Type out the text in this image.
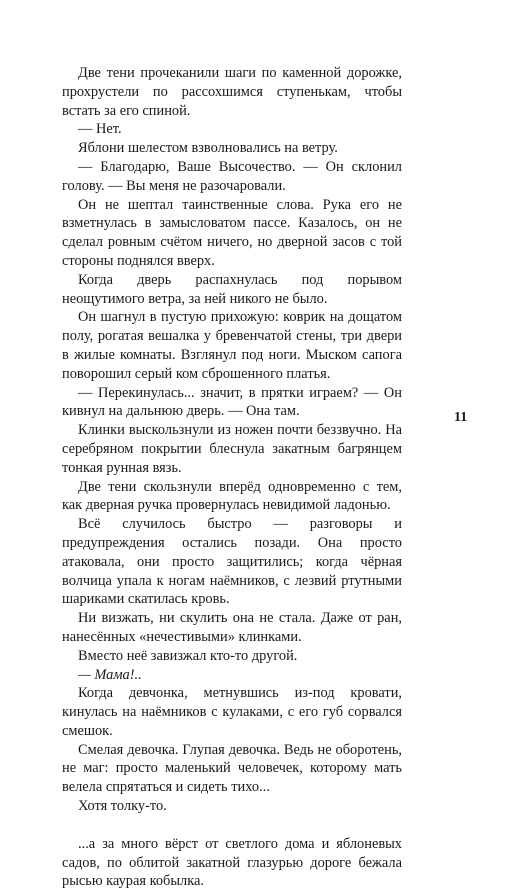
Две тени прочеканили шаги по каменной дорожке, прохрустели по рассохшимся ступенькам, чтобы встать за его спиной.

— Нет.

Яблони шелестом взволновались на ветру.

— Благодарю, Ваше Высочество. — Он склонил голову. — Вы меня не разочаровали.

Он не шептал таинственные слова. Рука его не взметнулась в замысловатом пассе. Казалось, он не сделал ровным счётом ничего, но дверной засов с той стороны поднялся вверх.

Когда дверь распахнулась под порывом неощутимого ветра, за ней никого не было.

Он шагнул в пустую прихожую: коврик на дощатом полу, рогатая вешалка у бревенчатой стены, три двери в жилые комнаты. Взглянул под ноги. Мыском сапога поворошил серый ком сброшенного платья.

— Перекинулась... значит, в прятки играем? — Он кивнул на дальнюю дверь. — Она там.

Клинки выскользнули из ножен почти беззвучно. На серебряном покрытии блеснула закатным багрянцем тонкая рунная вязь.

Две тени скользнули вперёд одновременно с тем, как дверная ручка провернулась невидимой ладонью.

Всё случилось быстро — разговоры и предупреждения остались позади. Она просто атаковала, они просто защитились; когда чёрная волчица упала к ногам наёмников, с лезвий ртутными шариками скатилась кровь.

Ни визжать, ни скулить она не стала. Даже от ран, нанесённых «нечестивыми» клинками.

Вместо неё завизжал кто-то другой.

— Мама!..

Когда девчонка, метнувшись из-под кровати, кинулась на наёмников с кулаками, с его губ сорвался смешок.

Смелая девочка. Глупая девочка. Ведь не оборотень, не маг: просто маленький человечек, которому мать велела спрятаться и сидеть тихо...

Хотя толку-то.

...а за много вёрст от светлого дома и яблоневых садов, по облитой закатной глазурью дороге бежала рысью каурая кобылка.

11
